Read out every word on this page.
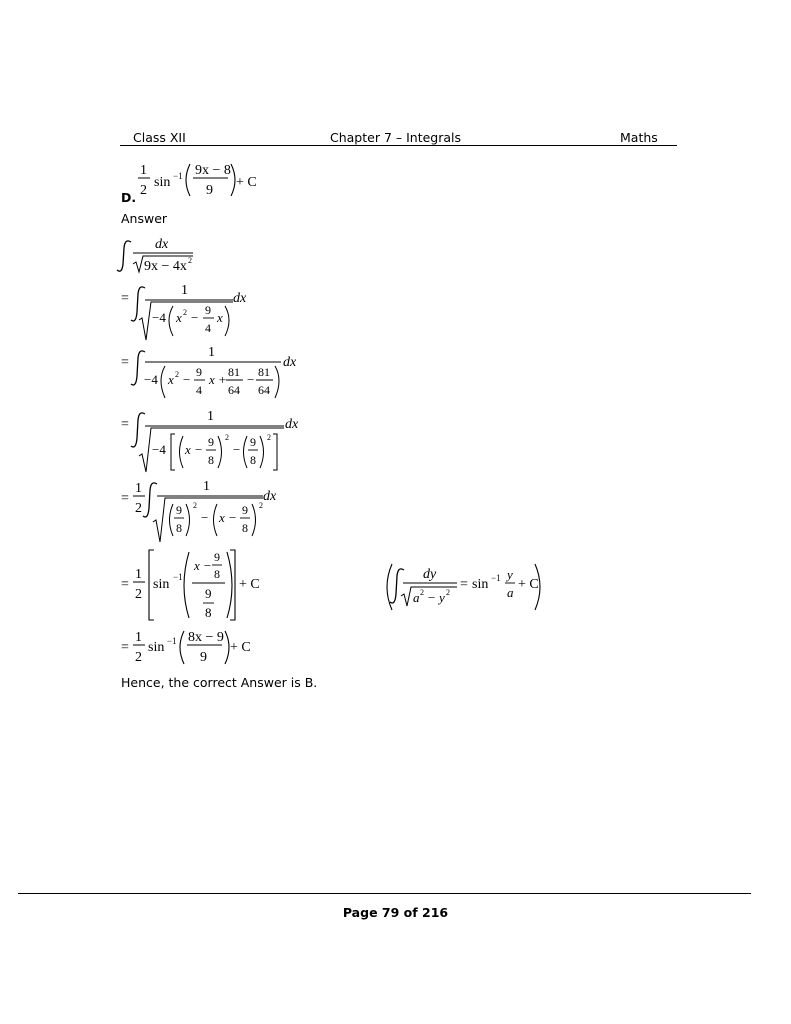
Class XII	Chapter 7 – Integrals	Maths
D.
1
2
sin −1 9x − 8
9
+ C
Answer
dx
9x − 4x 2
=
1
−4 x 2 − 9
4
x
dx
=
1
−4 x 2 − 9
4
x + 81
64
− 81
64
dx
=
1
−4 x − 9
8
2
− 9
8
2
dx
=
1
2
1
9
8
2
− x − 9
8
2
dx
=
1
2
sin −1
x −
9
8
9
8
+ C
dy
a 2 − y 2
= sin −1 y
a
+ C
=
1
2
sin −1 8x − 9
9
+ C
Hence, the correct Answer is B.
Page 79 of 216
